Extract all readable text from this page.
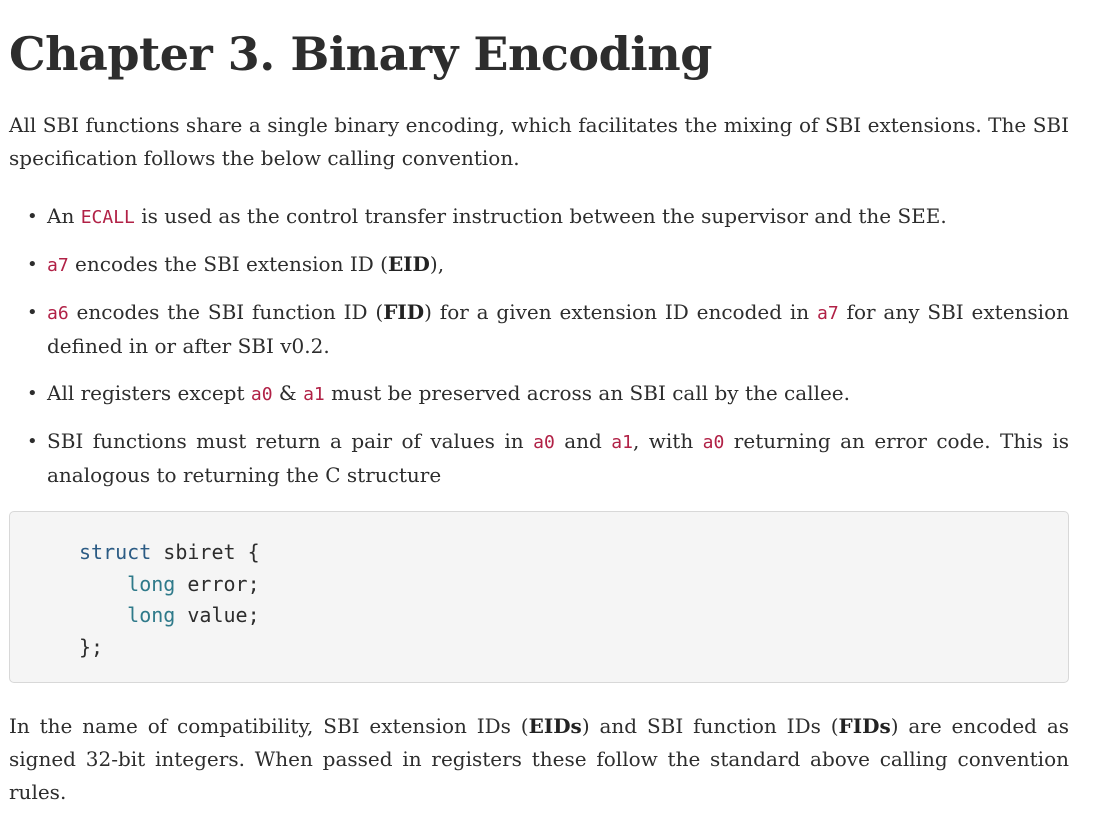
Chapter 3. Binary Encoding

All SBI functions share a single binary encoding, which facilitates the mixing of SBI extensions. The SBI specification follows the below calling convention.

• An ECALL is used as the control transfer instruction between the supervisor and the SEE.
• a7 encodes the SBI extension ID (EID),
• a6 encodes the SBI function ID (FID) for a given extension ID encoded in a7 for any SBI extension defined in or after SBI v0.2.
• All registers except a0 & a1 must be preserved across an SBI call by the callee.
• SBI functions must return a pair of values in a0 and a1, with a0 returning an error code. This is analogous to returning the C structure
struct sbiret {
long error;
long value;
};

In the name of compatibility, SBI extension IDs (EIDs) and SBI function IDs (FIDs) are encoded as signed 32-bit integers. When passed in registers these follow the standard above calling convention rules.
